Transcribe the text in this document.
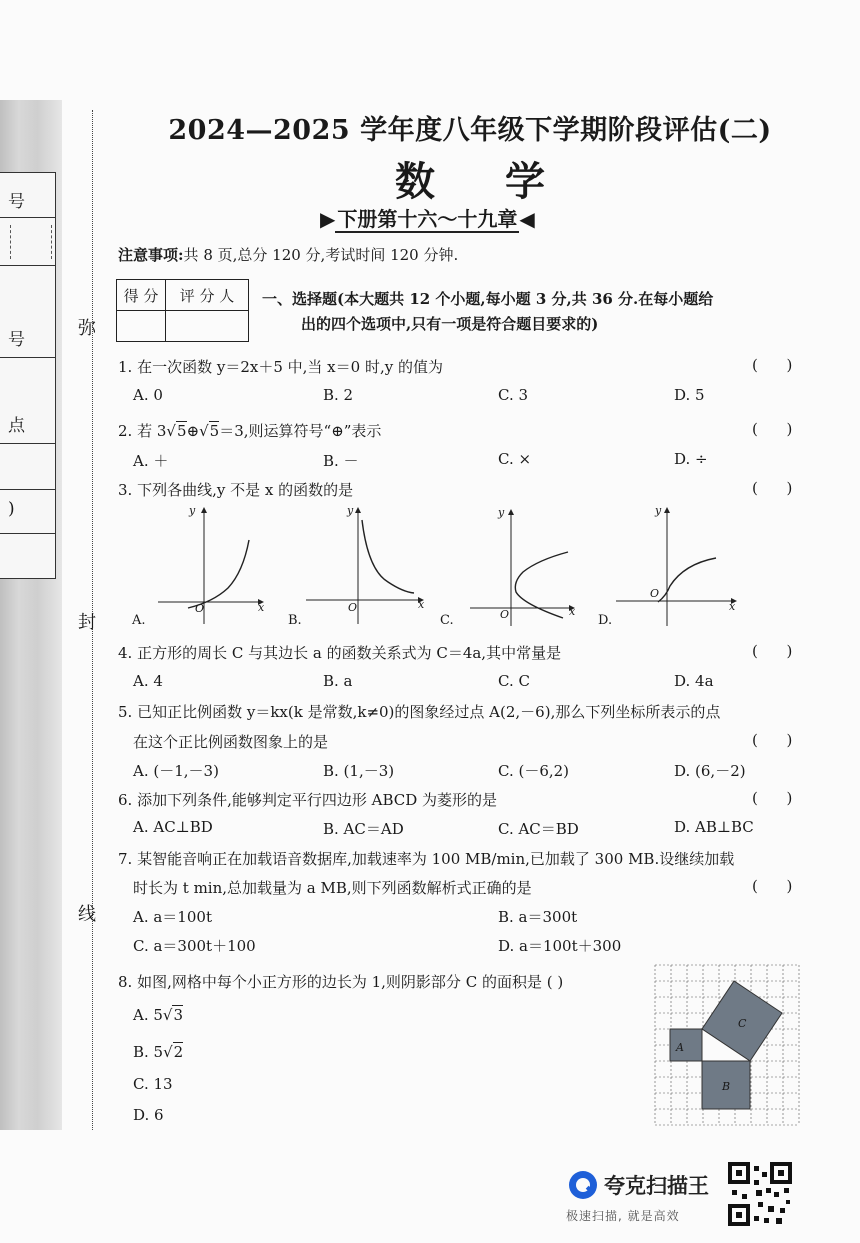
号
号
点
)
弥
封
线
2024—2025 学年度八年级下学期阶段评估(二)
数学
▶ 下册第十六～十九章 ◀
注意事项:共 8 页,总分 120 分,考试时间 120 分钟.
得 分	评 分 人
	一、选择题(本大题共 12 个小题,每小题 3 分,共 36 分.在每小题给
出的四个选项中,只有一项是符合题目要求的)
1. 在一次函数 y＝2x＋5 中,当 x＝0 时,y 的值为	(      )
A. 0	B. 2	C. 3	D. 5
2. 若 3√5⊕√5＝3,则运算符号“⊕”表示	(      )
A. ＋	B. －	C. ×	D. ÷
3. 下列各曲线,y 不是 x 的函数的是	(      )
O	x
y
A.
O	x
y
B.	O	x
y
C.
O
x
y
D.
4. 正方形的周长 C 与其边长 a 的函数关系式为 C＝4a,其中常量是	(      )
A. 4	B. a	C. C	D. 4a
5. 已知正比例函数 y＝kx(k 是常数,k≠0)的图象经过点 A(2,－6),那么下列坐标所表示的点
在这个正比例函数图象上的是	(      )
A. (－1,－3)	B. (1,－3)	C. (－6,2)	D. (6,－2)
6. 添加下列条件,能够判定平行四边形 ABCD 为菱形的是	(      )
A. AC⊥BD	B. AC＝AD	C. AC＝BD	D. AB⊥BC
7. 某智能音响正在加载语音数据库,加载速率为 100 MB/min,已加载了 300 MB.设继续加载
时长为 t min,总加载量为 a MB,则下列函数解析式正确的是	(      )
A. a＝100t	B. a＝300t
C. a＝300t＋100	D. a＝100t＋300
8. 如图,网格中每个小正方形的边长为 1,则阴影部分 C 的面积是 ( )
A. 5√3
B. 5√2
C. 13
D. 6
A
B
C
夸克扫描王
极速扫描, 就是高效
